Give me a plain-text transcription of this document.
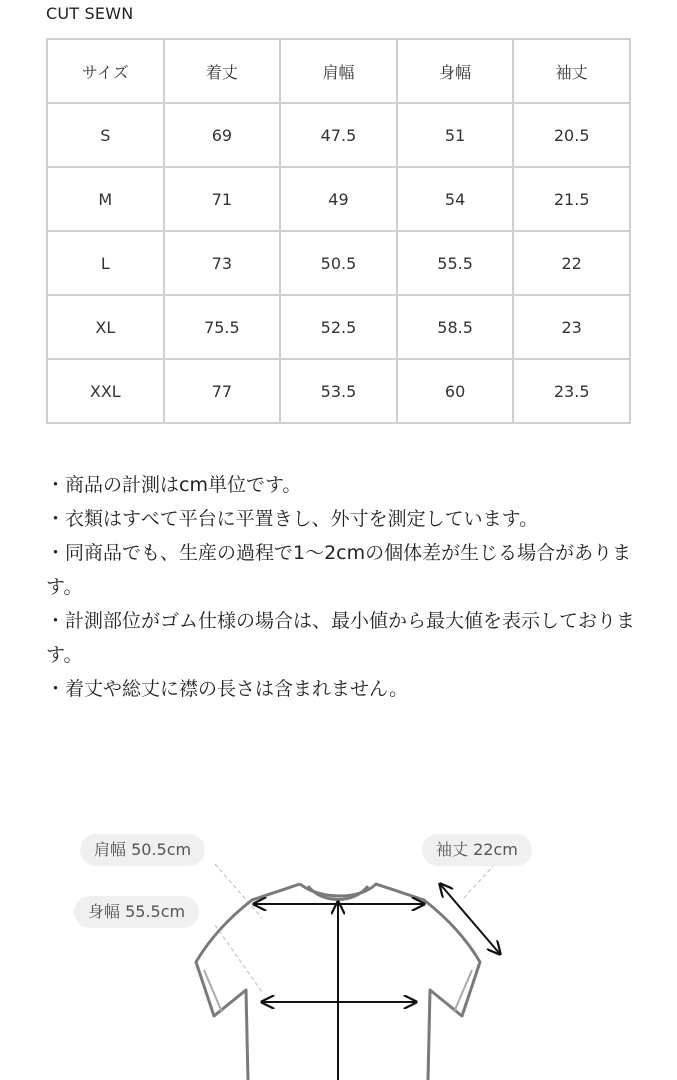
CUT SEWN
サイズ	着丈	肩幅	身幅	袖丈
S	69	47.5	51	20.5
M	71	49	54	21.5
L	73	50.5	55.5	22
XL	75.5	52.5	58.5	23
XXL	77	53.5	60	23.5

・商品の計測はcm単位です。

・衣類はすべて平台に平置きし、外寸を測定しています。

・同商品でも、生産の過程で1〜2cmの個体差が生じる場合があります。

・計測部位がゴム仕様の場合は、最小値から最大値を表示しております。

・着丈や総丈に襟の長さは含まれません。

肩幅 50.5cm
身幅 55.5cm
袖丈 22cm
